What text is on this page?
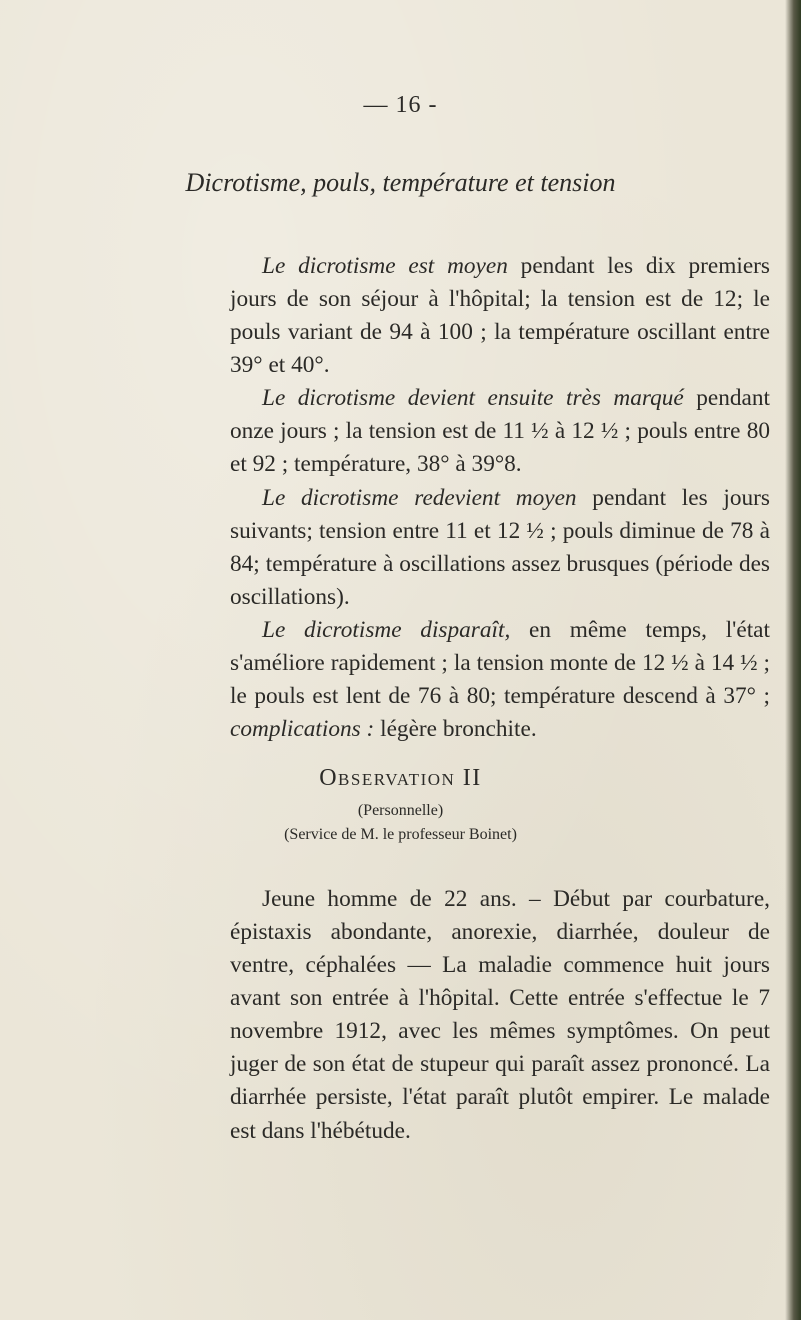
— 16 -
Dicrotisme, pouls, température et tension

Le dicrotisme est moyen pendant les dix premiers jours de son séjour à l'hôpital; la tension est de 12; le pouls variant de 94 à 100 ; la température oscillant entre 39° et 40°.

Le dicrotisme devient ensuite très marqué pendant onze jours ; la tension est de 11 ½ à 12 ½ ; pouls entre 80 et 92 ; température, 38° à 39°8.

Le dicrotisme redevient moyen pendant les jours suivants; tension entre 11 et 12 ½ ; pouls diminue de 78 à 84; température à oscillations assez brusques (période des oscillations).

Le dicrotisme disparaît, en même temps, l'état s'améliore rapidement ; la tension monte de 12 ½ à 14 ½ ; le pouls est lent de 76 à 80; température descend à 37° ; complications : légère bronchite.

Observation II
(Personnelle)
(Service de M. le professeur Boinet)

Jeune homme de 22 ans. – Début par courbature, épistaxis abondante, anorexie, diarrhée, douleur de ventre, céphalées — La maladie commence huit jours avant son entrée à l'hôpital. Cette entrée s'effectue le 7 novembre 1912, avec les mêmes symptômes. On peut juger de son état de stupeur qui paraît assez prononcé. La diarrhée persiste, l'état paraît plutôt empirer. Le malade est dans l'hébétude.
